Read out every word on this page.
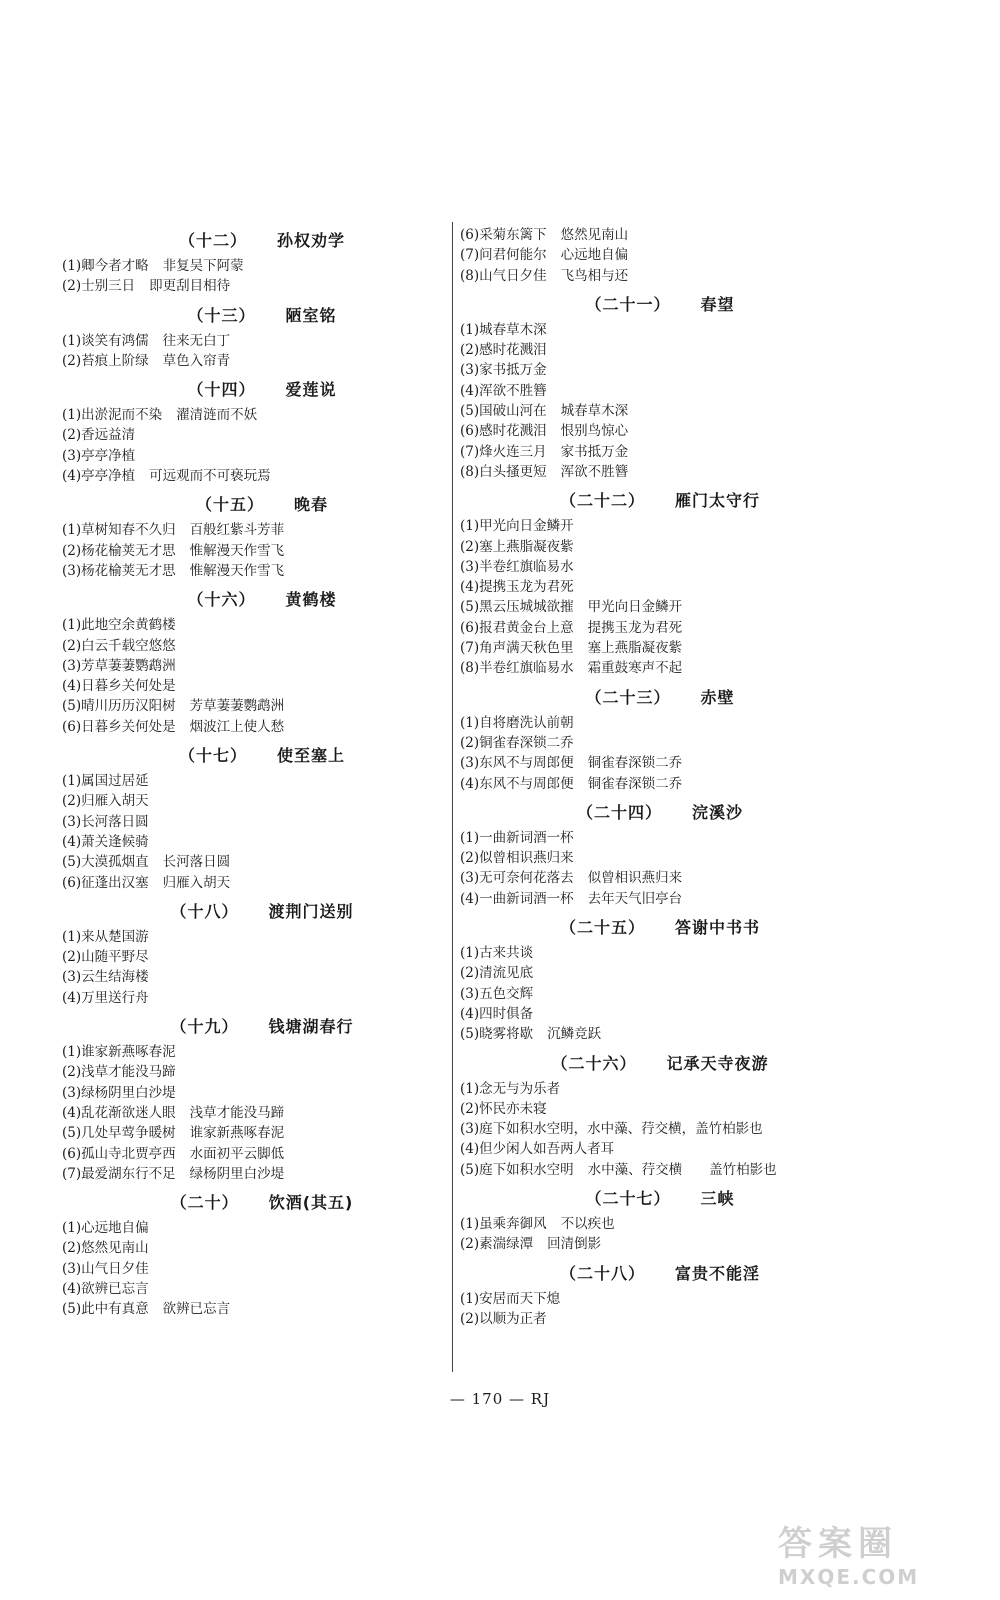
（十二） 孙权劝学
(1)卿今者才略 非复吴下阿蒙
(2)士别三日 即更刮目相待
（十三） 陋室铭
(1)谈笑有鸿儒 往来无白丁
(2)苔痕上阶绿 草色入帘青
（十四） 爱莲说
(1)出淤泥而不染 濯清涟而不妖
(2)香远益清
(3)亭亭净植
(4)亭亭净植 可远观而不可亵玩焉
（十五） 晚春
(1)草树知春不久归 百般红紫斗芳菲
(2)杨花榆荚无才思 惟解漫天作雪飞
(3)杨花榆荚无才思 惟解漫天作雪飞
（十六） 黄鹤楼
(1)此地空余黄鹤楼
(2)白云千载空悠悠
(3)芳草萋萋鹦鹉洲
(4)日暮乡关何处是
(5)晴川历历汉阳树 芳草萋萋鹦鹉洲
(6)日暮乡关何处是 烟波江上使人愁
（十七） 使至塞上
(1)属国过居延
(2)归雁入胡天
(3)长河落日圆
(4)萧关逢候骑
(5)大漠孤烟直 长河落日圆
(6)征蓬出汉塞 归雁入胡天
（十八） 渡荆门送别
(1)来从楚国游
(2)山随平野尽
(3)云生结海楼
(4)万里送行舟
（十九） 钱塘湖春行
(1)谁家新燕啄春泥
(2)浅草才能没马蹄
(3)绿杨阴里白沙堤
(4)乱花渐欲迷人眼 浅草才能没马蹄
(5)几处早莺争暖树 谁家新燕啄春泥
(6)孤山寺北贾亭西 水面初平云脚低
(7)最爱湖东行不足 绿杨阴里白沙堤
（二十） 饮酒(其五)
(1)心远地自偏
(2)悠然见南山
(3)山气日夕佳
(4)欲辨已忘言
(5)此中有真意 欲辨已忘言
(6)采菊东篱下 悠然见南山
(7)问君何能尔 心远地自偏
(8)山气日夕佳 飞鸟相与还
（二十一） 春望
(1)城春草木深
(2)感时花溅泪
(3)家书抵万金
(4)浑欲不胜簪
(5)国破山河在 城春草木深
(6)感时花溅泪 恨别鸟惊心
(7)烽火连三月 家书抵万金
(8)白头搔更短 浑欲不胜簪
（二十二） 雁门太守行
(1)甲光向日金鳞开
(2)塞上燕脂凝夜紫
(3)半卷红旗临易水
(4)提携玉龙为君死
(5)黑云压城城欲摧 甲光向日金鳞开
(6)报君黄金台上意 提携玉龙为君死
(7)角声满天秋色里 塞上燕脂凝夜紫
(8)半卷红旗临易水 霜重鼓寒声不起
（二十三） 赤壁
(1)自将磨洗认前朝
(2)铜雀春深锁二乔
(3)东风不与周郎便 铜雀春深锁二乔
(4)东风不与周郎便 铜雀春深锁二乔
（二十四） 浣溪沙
(1)一曲新词酒一杯
(2)似曾相识燕归来
(3)无可奈何花落去 似曾相识燕归来
(4)一曲新词酒一杯 去年天气旧亭台
（二十五） 答谢中书书
(1)古来共谈
(2)清流见底
(3)五色交辉
(4)四时俱备
(5)晓雾将歇 沉鳞竞跃
（二十六） 记承天寺夜游
(1)念无与为乐者
(2)怀民亦未寝
(3)庭下如积水空明，水中藻、荇交横，盖竹柏影也
(4)但少闲人如吾两人者耳
(5)庭下如积水空明 水中藻、荇交横　　盖竹柏影也
（二十七） 三峡
(1)虽乘奔御风 不以疾也
(2)素湍绿潭 回清倒影
（二十八） 富贵不能淫
(1)安居而天下熄
(2)以顺为正者
— 170 — RJ
答案圈
MXQE.COM
